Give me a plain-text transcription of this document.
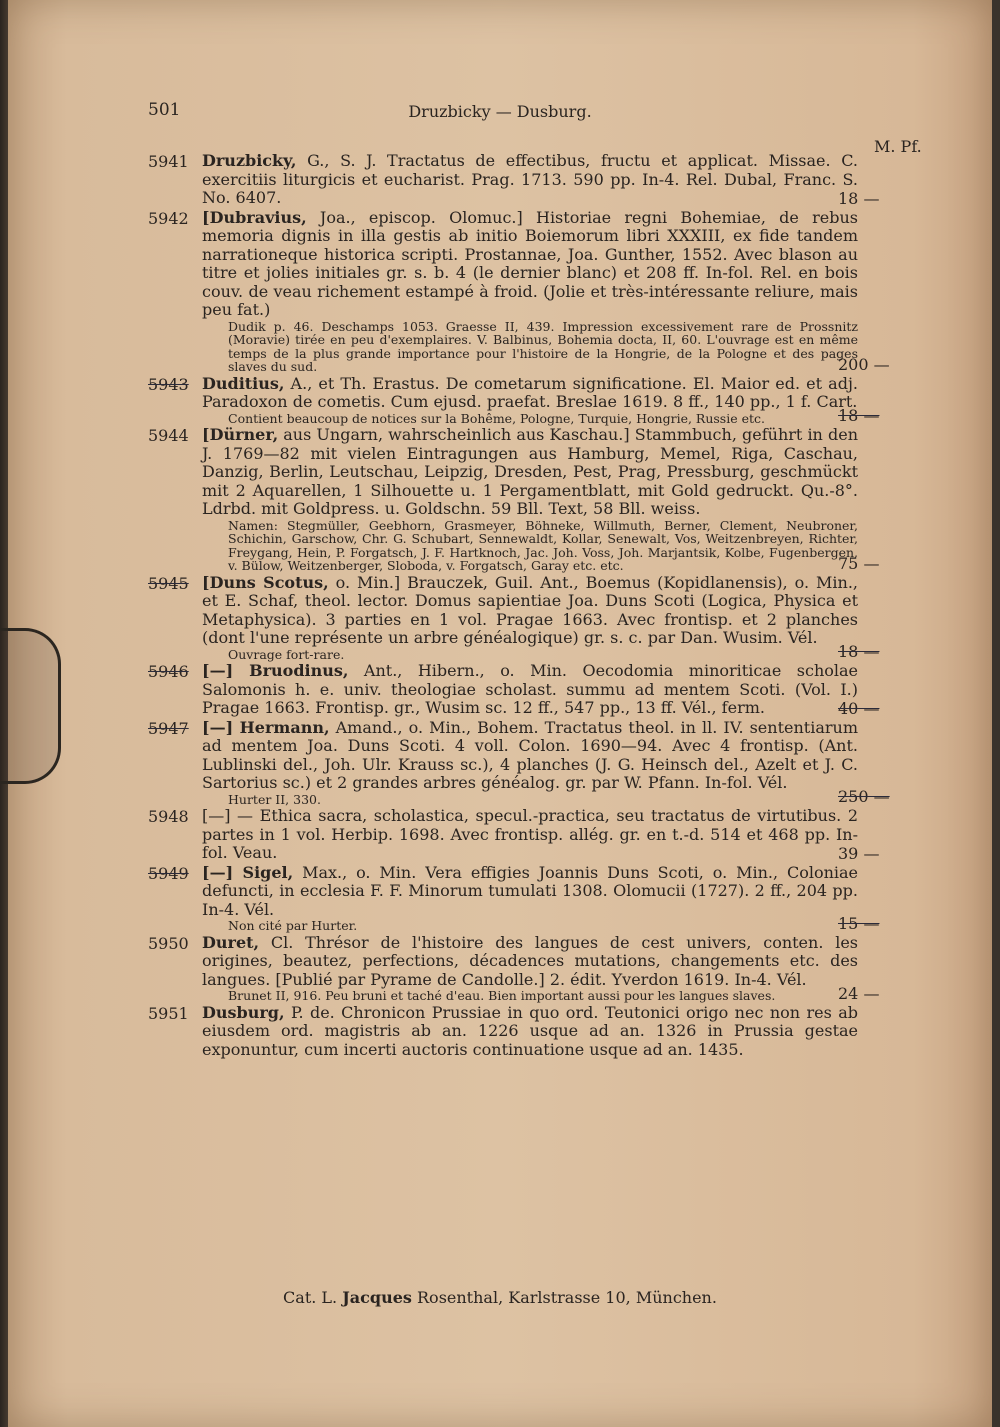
501	Druzbicky — Dusburg.
M. Pf.
5941 Druzbicky, G., S. J. Tractatus de effectibus, fructu et applicat. Missae. C. exercitiis liturgicis et eucharist. Prag. 1713. 590 pp. In-4. Rel. Dubal, Franc. S. No. 6407.	18 —
5942 [Dubravius, Joa., episcop. Olomuc.] Historiae regni Bohemiae, de rebus memoria dignis in illa gestis ab initio Boiemorum libri XXXIII, ex fide tandem narrationeque historica scripti. Prostannae, Joa. Gunther, 1552. Avec blason au titre et jolies initiales gr. s. b. 4 (le dernier blanc) et 208 ff. In-fol. Rel. en bois couv. de veau richement estampé à froid. (Jolie et très-intéressante reliure, mais peu fat.)
Dudik p. 46. Deschamps 1053. Graesse II, 439. Impression excessivement rare de Prossnitz (Moravie) tirée en peu d'exemplaires. V. Balbinus, Bohemia docta, II, 60. L'ouvrage est en même temps de la plus grande importance pour l'histoire de la Hongrie, de la Pologne et des pages slaves du sud.	200 —
5943 Duditius, A., et Th. Erastus. De cometarum significatione. El. Maior ed. et adj. Paradoxon de cometis. Cum ejusd. praefat. Breslae 1619. 8 ff., 140 pp., 1 f. Cart.
Contient beaucoup de notices sur la Bohême, Pologne, Turquie, Hongrie, Russie etc.	18 —
5944 [Dürner, aus Ungarn, wahrscheinlich aus Kaschau.] Stammbuch, geführt in den J. 1769—82 mit vielen Eintragungen aus Hamburg, Memel, Riga, Caschau, Danzig, Berlin, Leutschau, Leipzig, Dresden, Pest, Prag, Pressburg, geschmückt mit 2 Aquarellen, 1 Silhouette u. 1 Pergamentblatt, mit Gold gedruckt. Qu.-8°. Ldrbd. mit Goldpress. u. Goldschn. 59 Bll. Text, 58 Bll. weiss.
Namen: Stegmüller, Geebhorn, Grasmeyer, Böhneke, Willmuth, Berner, Clement, Neubroner, Schichin, Garschow, Chr. G. Schubart, Sennewaldt, Kollar, Senewalt, Vos, Weitzenbreyen, Richter, Freygang, Hein, P. Forgatsch, J. F. Hartknoch, Jac. Joh. Voss, Joh. Marjantsik, Kolbe, Fugenbergen, v. Bülow, Weitzenberger, Sloboda, v. Forgatsch, Garay etc. etc.	75 —
5945 [Duns Scotus, o. Min.] Brauczek, Guil. Ant., Boemus (Kopidlanensis), o. Min., et E. Schaf, theol. lector. Domus sapientiae Joa. Duns Scoti (Logica, Physica et Metaphysica). 3 parties en 1 vol. Pragae 1663. Avec frontisp. et 2 planches (dont l'une représente un arbre généalogique) gr. s. c. par Dan. Wusim. Vél.
Ouvrage fort-rare.	18 —
5946 [—] Bruodinus, Ant., Hibern., o. Min. Oecodomia minoriticae scholae Salomonis h. e. univ. theologiae scholast. summu ad mentem Scoti. (Vol. I.) Pragae 1663. Frontisp. gr., Wusim sc. 12 ff., 547 pp., 13 ff. Vél., ferm.	40 —
5947 [—] Hermann, Amand., o. Min., Bohem. Tractatus theol. in ll. IV. sententiarum ad mentem Joa. Duns Scoti. 4 voll. Colon. 1690—94. Avec 4 frontisp. (Ant. Lublinski del., Joh. Ulr. Krauss sc.), 4 planches (J. G. Heinsch del., Azelt et J. C. Sartorius sc.) et 2 grandes arbres généalog. gr. par W. Pfann. In-fol. Vél.
Hurter II, 330.	250 —
5948 [—] — Ethica sacra, scholastica, specul.-practica, seu tractatus de virtutibus. 2 partes in 1 vol. Herbip. 1698. Avec frontisp. allég. gr. en t.-d. 514 et 468 pp. In-fol. Veau.	39 —
5949 [—] Sigel, Max., o. Min. Vera effigies Joannis Duns Scoti, o. Min., Coloniae defuncti, in ecclesia F. F. Minorum tumulati 1308. Olomucii (1727). 2 ff., 204 pp. In-4. Vél.
Non cité par Hurter.	15 —
5950 Duret, Cl. Thrésor de l'histoire des langues de cest univers, conten. les origines, beautez, perfections, décadences mutations, changements etc. des langues. [Publié par Pyrame de Candolle.] 2. édit. Yverdon 1619. In-4. Vél.
Brunet II, 916. Peu bruni et taché d'eau. Bien important aussi pour les langues slaves.	24 —
5951 Dusburg, P. de. Chronicon Prussiae in quo ord. Teutonici origo nec non res ab eiusdem ord. magistris ab an. 1226 usque ad an. 1326 in Prussia gestae exponuntur, cum incerti auctoris continuatione usque ad an. 1435.
Cat. L. Jacques Rosenthal, Karlstrasse 10, München.
